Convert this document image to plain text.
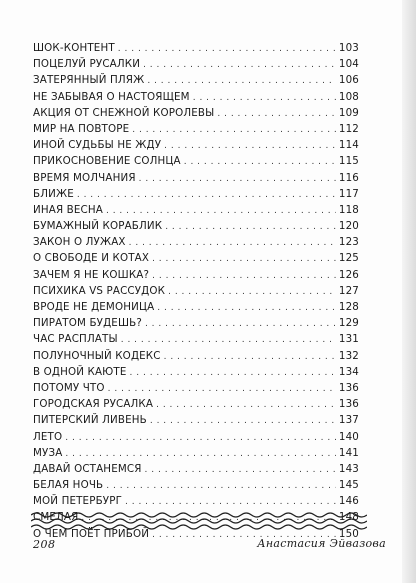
ШОК-КОНТЕНТ . . .	103
ПОЦЕЛУЙ РУСАЛКИ . . .	104
ЗАТЕРЯННЫЙ ПЛЯЖ . . .	106
НЕ ЗАБЫВАЯ О НАСТОЯЩЕМ . . .	108
АКЦИЯ ОТ СНЕЖНОЙ КОРОЛЕВЫ . . .	109
МИР НА ПОВТОРЕ . . .	112
ИНОЙ СУДЬБЫ НЕ ЖДУ . . .	114
ПРИКОСНОВЕНИЕ СОЛНЦА . . .	115
ВРЕМЯ МОЛЧАНИЯ . . .	116
БЛИЖЕ . . .	117
ИНАЯ ВЕСНА . . .	118
БУМАЖНЫЙ КОРАБЛИК . . .	120
ЗАКОН О ЛУЖАХ . . .	123
О СВОБОДЕ И КОТАХ . . .	125
ЗАЧЕМ Я НЕ КОШКА? . . .	126
ПСИХИКА VS РАССУДОК . . .	127
ВРОДЕ НЕ ДЕМОНИЦА . . .	128
ПИРАТОМ БУДЕШЬ? . . .	129
ЧАС РАСПЛАТЫ . . .	131
ПОЛУНОЧНЫЙ КОДЕКС . . .	132
В ОДНОЙ КАЮТЕ . . .	134
ПОТОМУ ЧТО . . .	136
ГОРОДСКАЯ РУСАЛКА . . .	136
ПИТЕРСКИЙ ЛИВЕНЬ . . .	137
ЛЕТО . . .	140
МУЗА . . .	141
ДАВАЙ ОСТАНЕМСЯ . . .	143
БЕЛАЯ НОЧЬ . . .	145
МОЙ ПЕТЕРБУРГ . . .	146
СМЕЛАЯ . . .	148
О ЧЕМ ПОЁТ ПРИБОЙ . . .	150
208	Анастасия Эйвазова
